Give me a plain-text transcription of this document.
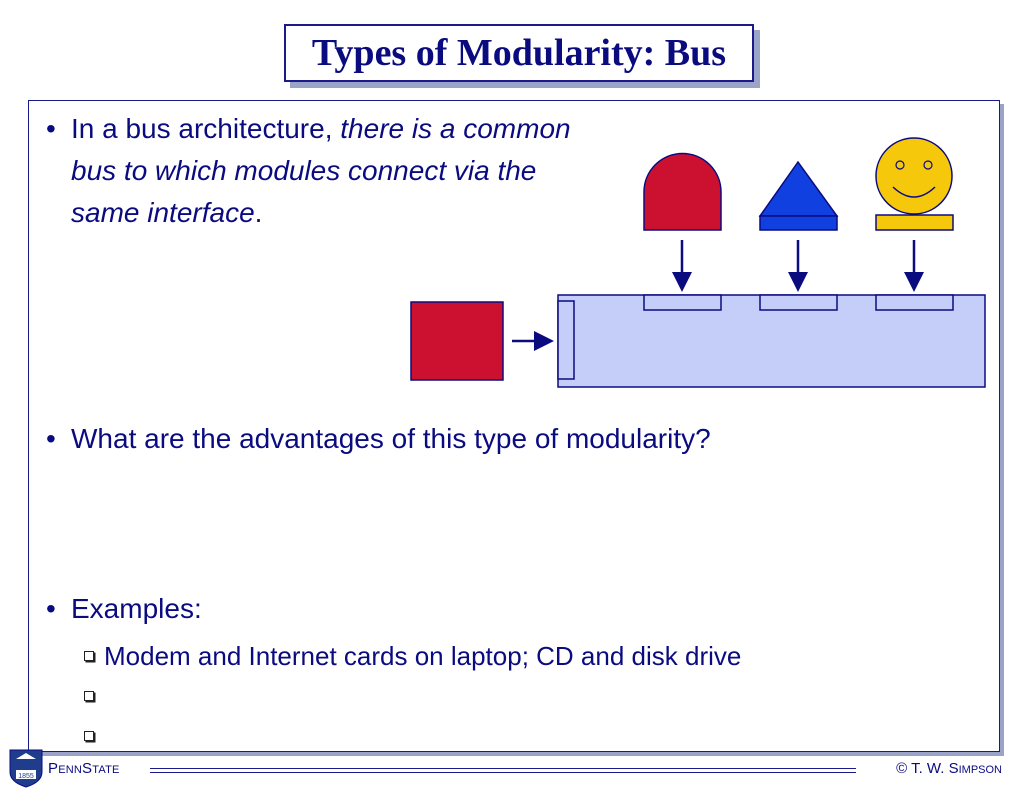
Types of Modularity: Bus
• In a bus architecture, there is a common bus to which modules connect via the same interface.
• What are the advantages of this type of modularity?
• Examples:
Modem and Internet cards on laptop; CD and disk drive
1855 PENNSTATE	© T. W. SIMPSON
